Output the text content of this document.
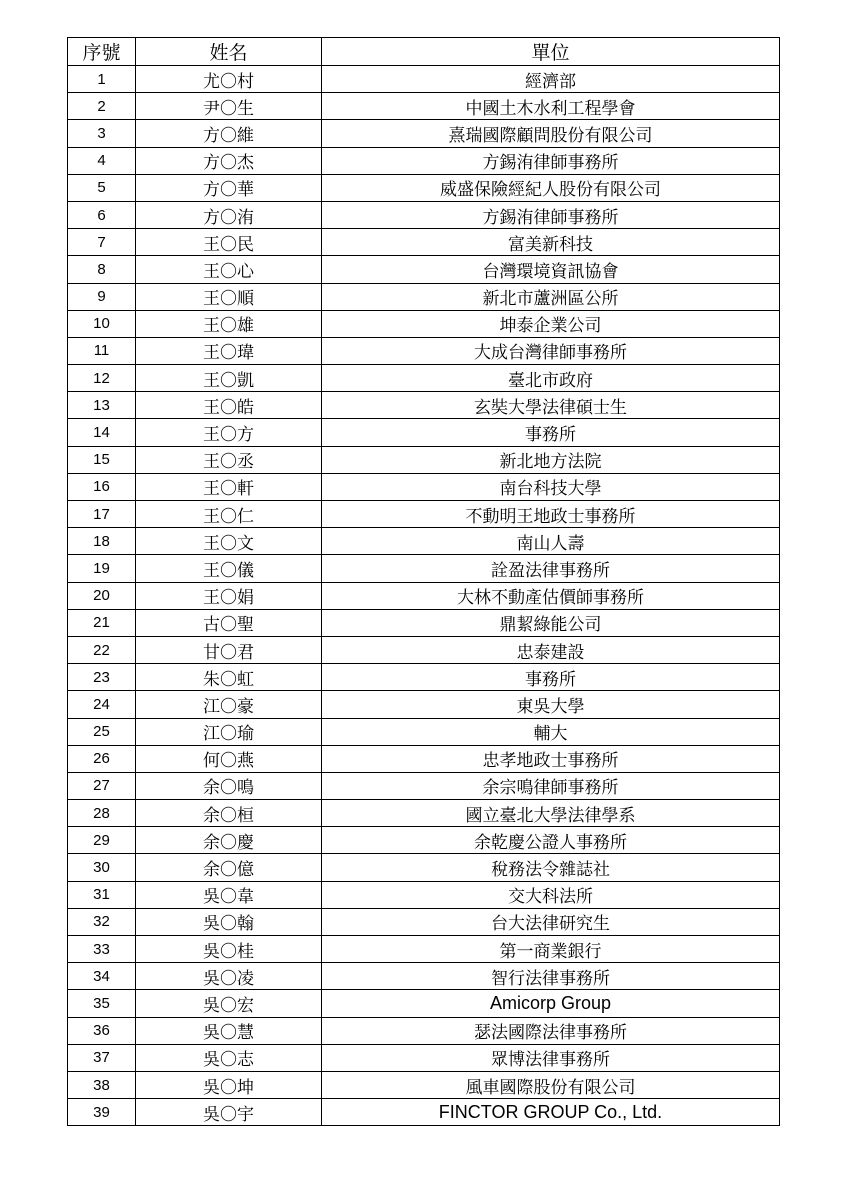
序號	姓名	單位
1	尤〇村	經濟部
2	尹〇生	中國土木水利工程學會
3	方〇維	熹瑞國際顧問股份有限公司
4	方〇杰	方錫洧律師事務所
5	方〇華	威盛保險經紀人股份有限公司
6	方〇洧	方錫洧律師事務所
7	王〇民	富美新科技
8	王〇心	台灣環境資訊協會
9	王〇順	新北市蘆洲區公所
10	王〇雄	坤泰企業公司
11	王〇瑋	大成台灣律師事務所
12	王〇凱	臺北市政府
13	王〇皓	玄奘大學法律碩士生
14	王〇方	事務所
15	王〇丞	新北地方法院
16	王〇軒	南台科技大學
17	王〇仁	不動明王地政士事務所
18	王〇文	南山人壽
19	王〇儀	詮盈法律事務所
20	王〇娟	大林不動產估價師事務所
21	古〇聖	鼎絜綠能公司
22	甘〇君	忠泰建設
23	朱〇虹	事務所
24	江〇豪	東吳大學
25	江〇瑜	輔大
26	何〇燕	忠孝地政士事務所
27	余〇鳴	余宗鳴律師事務所
28	余〇桓	國立臺北大學法律學系
29	余〇慶	余乾慶公證人事務所
30	余〇億	稅務法令雜誌社
31	吳〇韋	交大科法所
32	吳〇翰	台大法律研究生
33	吳〇桂	第一商業銀行
34	吳〇凌	智行法律事務所
35	吳〇宏	Amicorp Group
36	吳〇慧	瑟法國際法律事務所
37	吳〇志	眾博法律事務所
38	吳〇坤	風車國際股份有限公司
39	吳〇宇	FINCTOR GROUP Co., Ltd.
